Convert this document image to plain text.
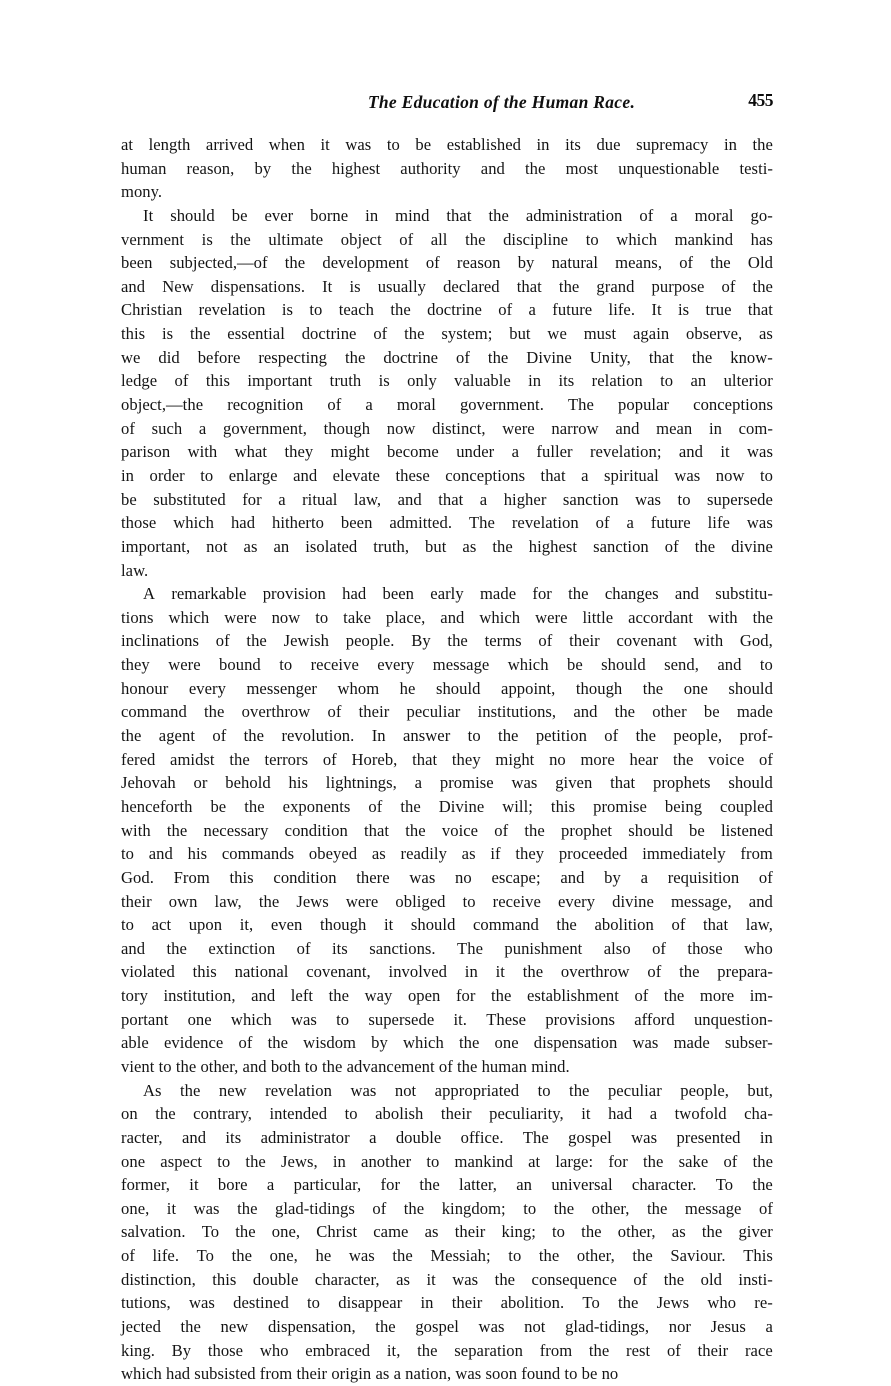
The Education of the Human Race.	455

at length arrived when it was to be established in its due supremacy in the
human reason, by the highest authority and the most unquestionable testi-
mony.

It should be ever borne in mind that the administration of a moral go-
vernment is the ultimate object of all the discipline to which mankind has
been subjected,—of the development of reason by natural means, of the Old
and New dispensations. It is usually declared that the grand purpose of the
Christian revelation is to teach the doctrine of a future life. It is true that
this is the essential doctrine of the system; but we must again observe, as
we did before respecting the doctrine of the Divine Unity, that the know-
ledge of this important truth is only valuable in its relation to an ulterior
object,—the recognition of a moral government. The popular conceptions
of such a government, though now distinct, were narrow and mean in com-
parison with what they might become under a fuller revelation; and it was
in order to enlarge and elevate these conceptions that a spiritual was now to
be substituted for a ritual law, and that a higher sanction was to supersede
those which had hitherto been admitted. The revelation of a future life was
important, not as an isolated truth, but as the highest sanction of the divine
law.

A remarkable provision had been early made for the changes and substitu-
tions which were now to take place, and which were little accordant with the
inclinations of the Jewish people. By the terms of their covenant with God,
they were bound to receive every message which be should send, and to
honour every messenger whom he should appoint, though the one should
command the overthrow of their peculiar institutions, and the other be made
the agent of the revolution. In answer to the petition of the people, prof-
fered amidst the terrors of Horeb, that they might no more hear the voice of
Jehovah or behold his lightnings, a promise was given that prophets should
henceforth be the exponents of the Divine will; this promise being coupled
with the necessary condition that the voice of the prophet should be listened
to and his commands obeyed as readily as if they proceeded immediately from
God. From this condition there was no escape; and by a requisition of
their own law, the Jews were obliged to receive every divine message, and
to act upon it, even though it should command the abolition of that law,
and the extinction of its sanctions. The punishment also of those who
violated this national covenant, involved in it the overthrow of the prepara-
tory institution, and left the way open for the establishment of the more im-
portant one which was to supersede it. These provisions afford unquestion-
able evidence of the wisdom by which the one dispensation was made subser-
vient to the other, and both to the advancement of the human mind.

As the new revelation was not appropriated to the peculiar people, but,
on the contrary, intended to abolish their peculiarity, it had a twofold cha-
racter, and its administrator a double office. The gospel was presented in
one aspect to the Jews, in another to mankind at large: for the sake of the
former, it bore a particular, for the latter, an universal character. To the
one, it was the glad-tidings of the kingdom; to the other, the message of
salvation. To the one, Christ came as their king; to the other, as the giver
of life. To the one, he was the Messiah; to the other, the Saviour. This
distinction, this double character, as it was the consequence of the old insti-
tutions, was destined to disappear in their abolition. To the Jews who re-
jected the new dispensation, the gospel was not glad-tidings, nor Jesus a
king. By those who embraced it, the separation from the rest of their race
which had subsisted from their origin as a nation, was soon found to be no
